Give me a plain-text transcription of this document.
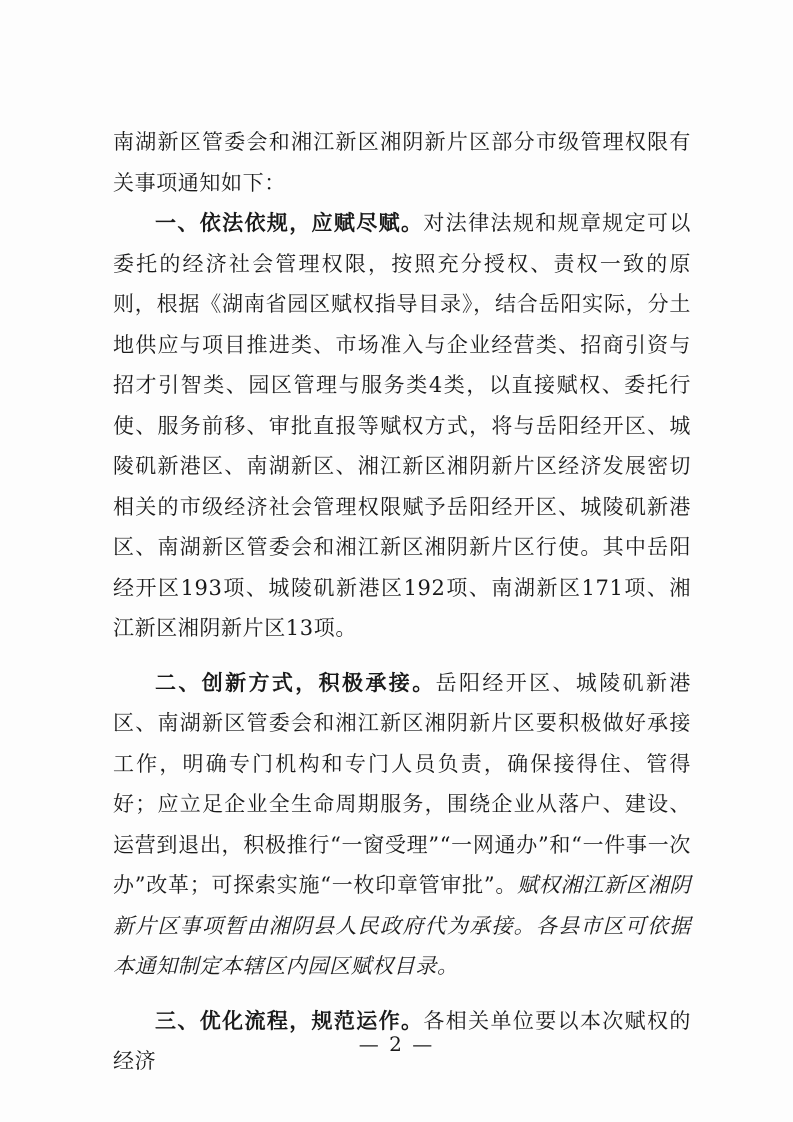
南湖新区管委会和湘江新区湘阴新片区部分市级管理权限有关事项通知如下：

一、依法依规，应赋尽赋。对法律法规和规章规定可以委托的经济社会管理权限，按照充分授权、责权一致的原则，根据《湖南省园区赋权指导目录》，结合岳阳实际，分土地供应与项目推进类、市场准入与企业经营类、招商引资与招才引智类、园区管理与服务类4类，以直接赋权、委托行使、服务前移、审批直报等赋权方式，将与岳阳经开区、城陵矶新港区、南湖新区、湘江新区湘阴新片区经济发展密切相关的市级经济社会管理权限赋予岳阳经开区、城陵矶新港区、南湖新区管委会和湘江新区湘阴新片区行使。其中岳阳经开区193项、城陵矶新港区192项、南湖新区171项、湘江新区湘阴新片区13项。

二、创新方式，积极承接。岳阳经开区、城陵矶新港区、南湖新区管委会和湘江新区湘阴新片区要积极做好承接工作，明确专门机构和专门人员负责，确保接得住、管得好；应立足企业全生命周期服务，围绕企业从落户、建设、运营到退出，积极推行“一窗受理”“一网通办”和“一件事一次办”改革；可探索实施“一枚印章管审批”。赋权湘江新区湘阴新片区事项暂由湘阴县人民政府代为承接。各县市区可依据本通知制定本辖区内园区赋权目录。

三、优化流程，规范运作。各相关单位要以本次赋权的经济

— 2 —
